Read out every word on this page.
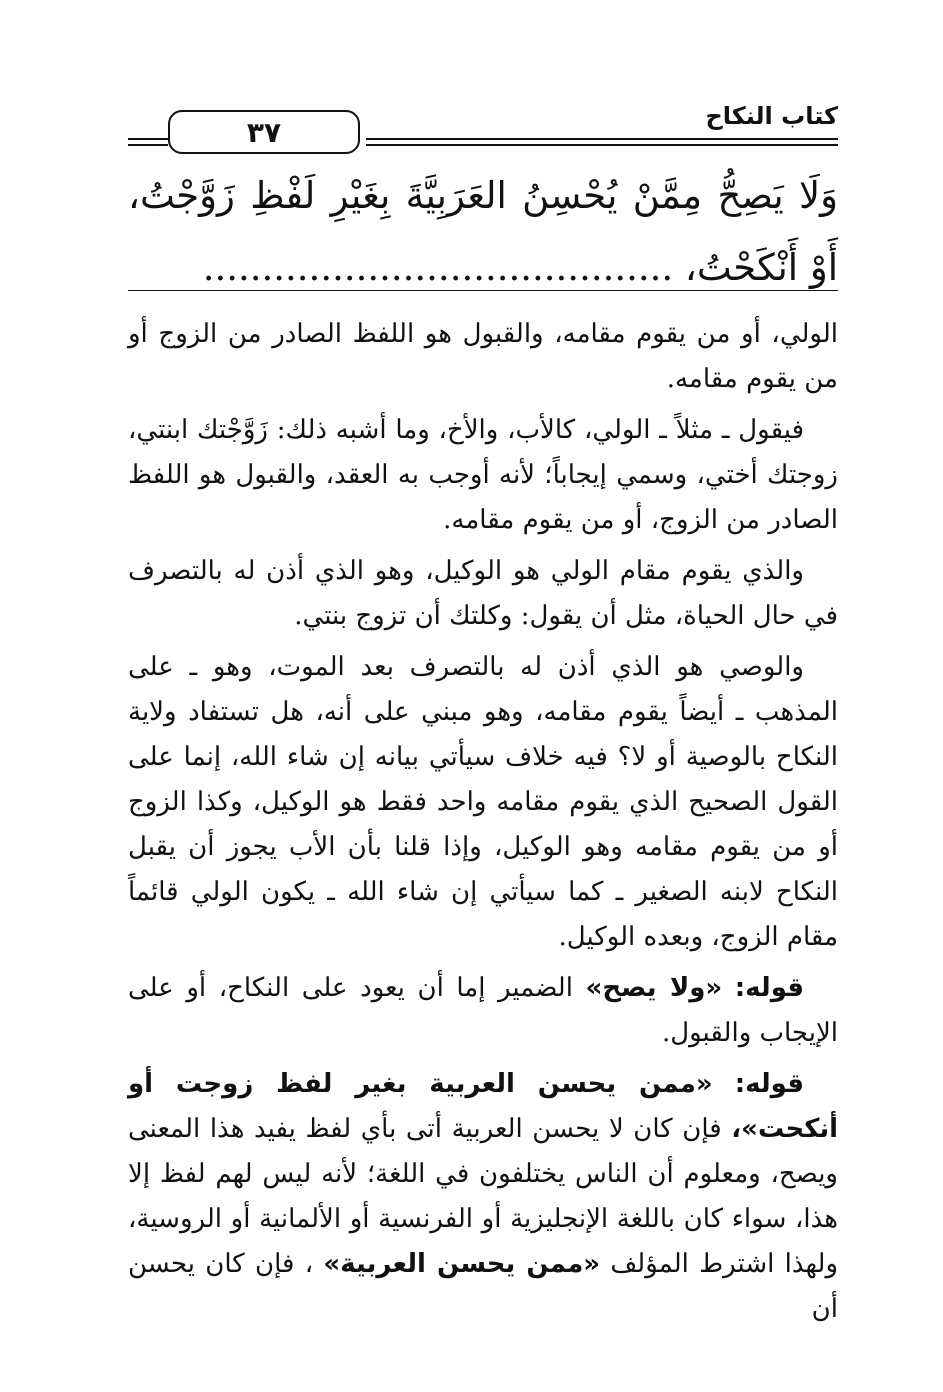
كتاب النكاح
٣٧
وَلَا يَصِحُّ مِمَّنْ يُحْسِنُ العَرَبِيَّةَ بِغَيْرِ لَفْظِ زَوَّجْتُ، أَوْ أَنْكَحْتُ، ........................................

الولي، أو من يقوم مقامه، والقبول هو اللفظ الصادر من الزوج أو من يقوم مقامه.

فيقول ـ مثلاً ـ الولي، كالأب، والأخ، وما أشبه ذلك: زَوَّجْتك ابنتي، زوجتك أختي، وسمي إيجاباً؛ لأنه أوجب به العقد، والقبول هو اللفظ الصادر من الزوج، أو من يقوم مقامه.

والذي يقوم مقام الولي هو الوكيل، وهو الذي أذن له بالتصرف في حال الحياة، مثل أن يقول: وكلتك أن تزوج بنتي.

والوصي هو الذي أذن له بالتصرف بعد الموت، وهو ـ على المذهب ـ أيضاً يقوم مقامه، وهو مبني على أنه، هل تستفاد ولاية النكاح بالوصية أو لا؟ فيه خلاف سيأتي بيانه إن شاء الله، إنما على القول الصحيح الذي يقوم مقامه واحد فقط هو الوكيل، وكذا الزوج أو من يقوم مقامه وهو الوكيل، وإذا قلنا بأن الأب يجوز أن يقبل النكاح لابنه الصغير ـ كما سيأتي إن شاء الله ـ يكون الولي قائماً مقام الزوج، وبعده الوكيل.

قوله: «ولا يصح» الضمير إما أن يعود على النكاح، أو على الإيجاب والقبول.

قوله: «ممن يحسن العربية بغير لفظ زوجت أو أنكحت»، فإن كان لا يحسن العربية أتى بأي لفظ يفيد هذا المعنى ويصح، ومعلوم أن الناس يختلفون في اللغة؛ لأنه ليس لهم لفظ إلا هذا، سواء كان باللغة الإنجليزية أو الفرنسية أو الألمانية أو الروسية، ولهذا اشترط المؤلف «ممن يحسن العربية» ، فإن كان يحسن أن
